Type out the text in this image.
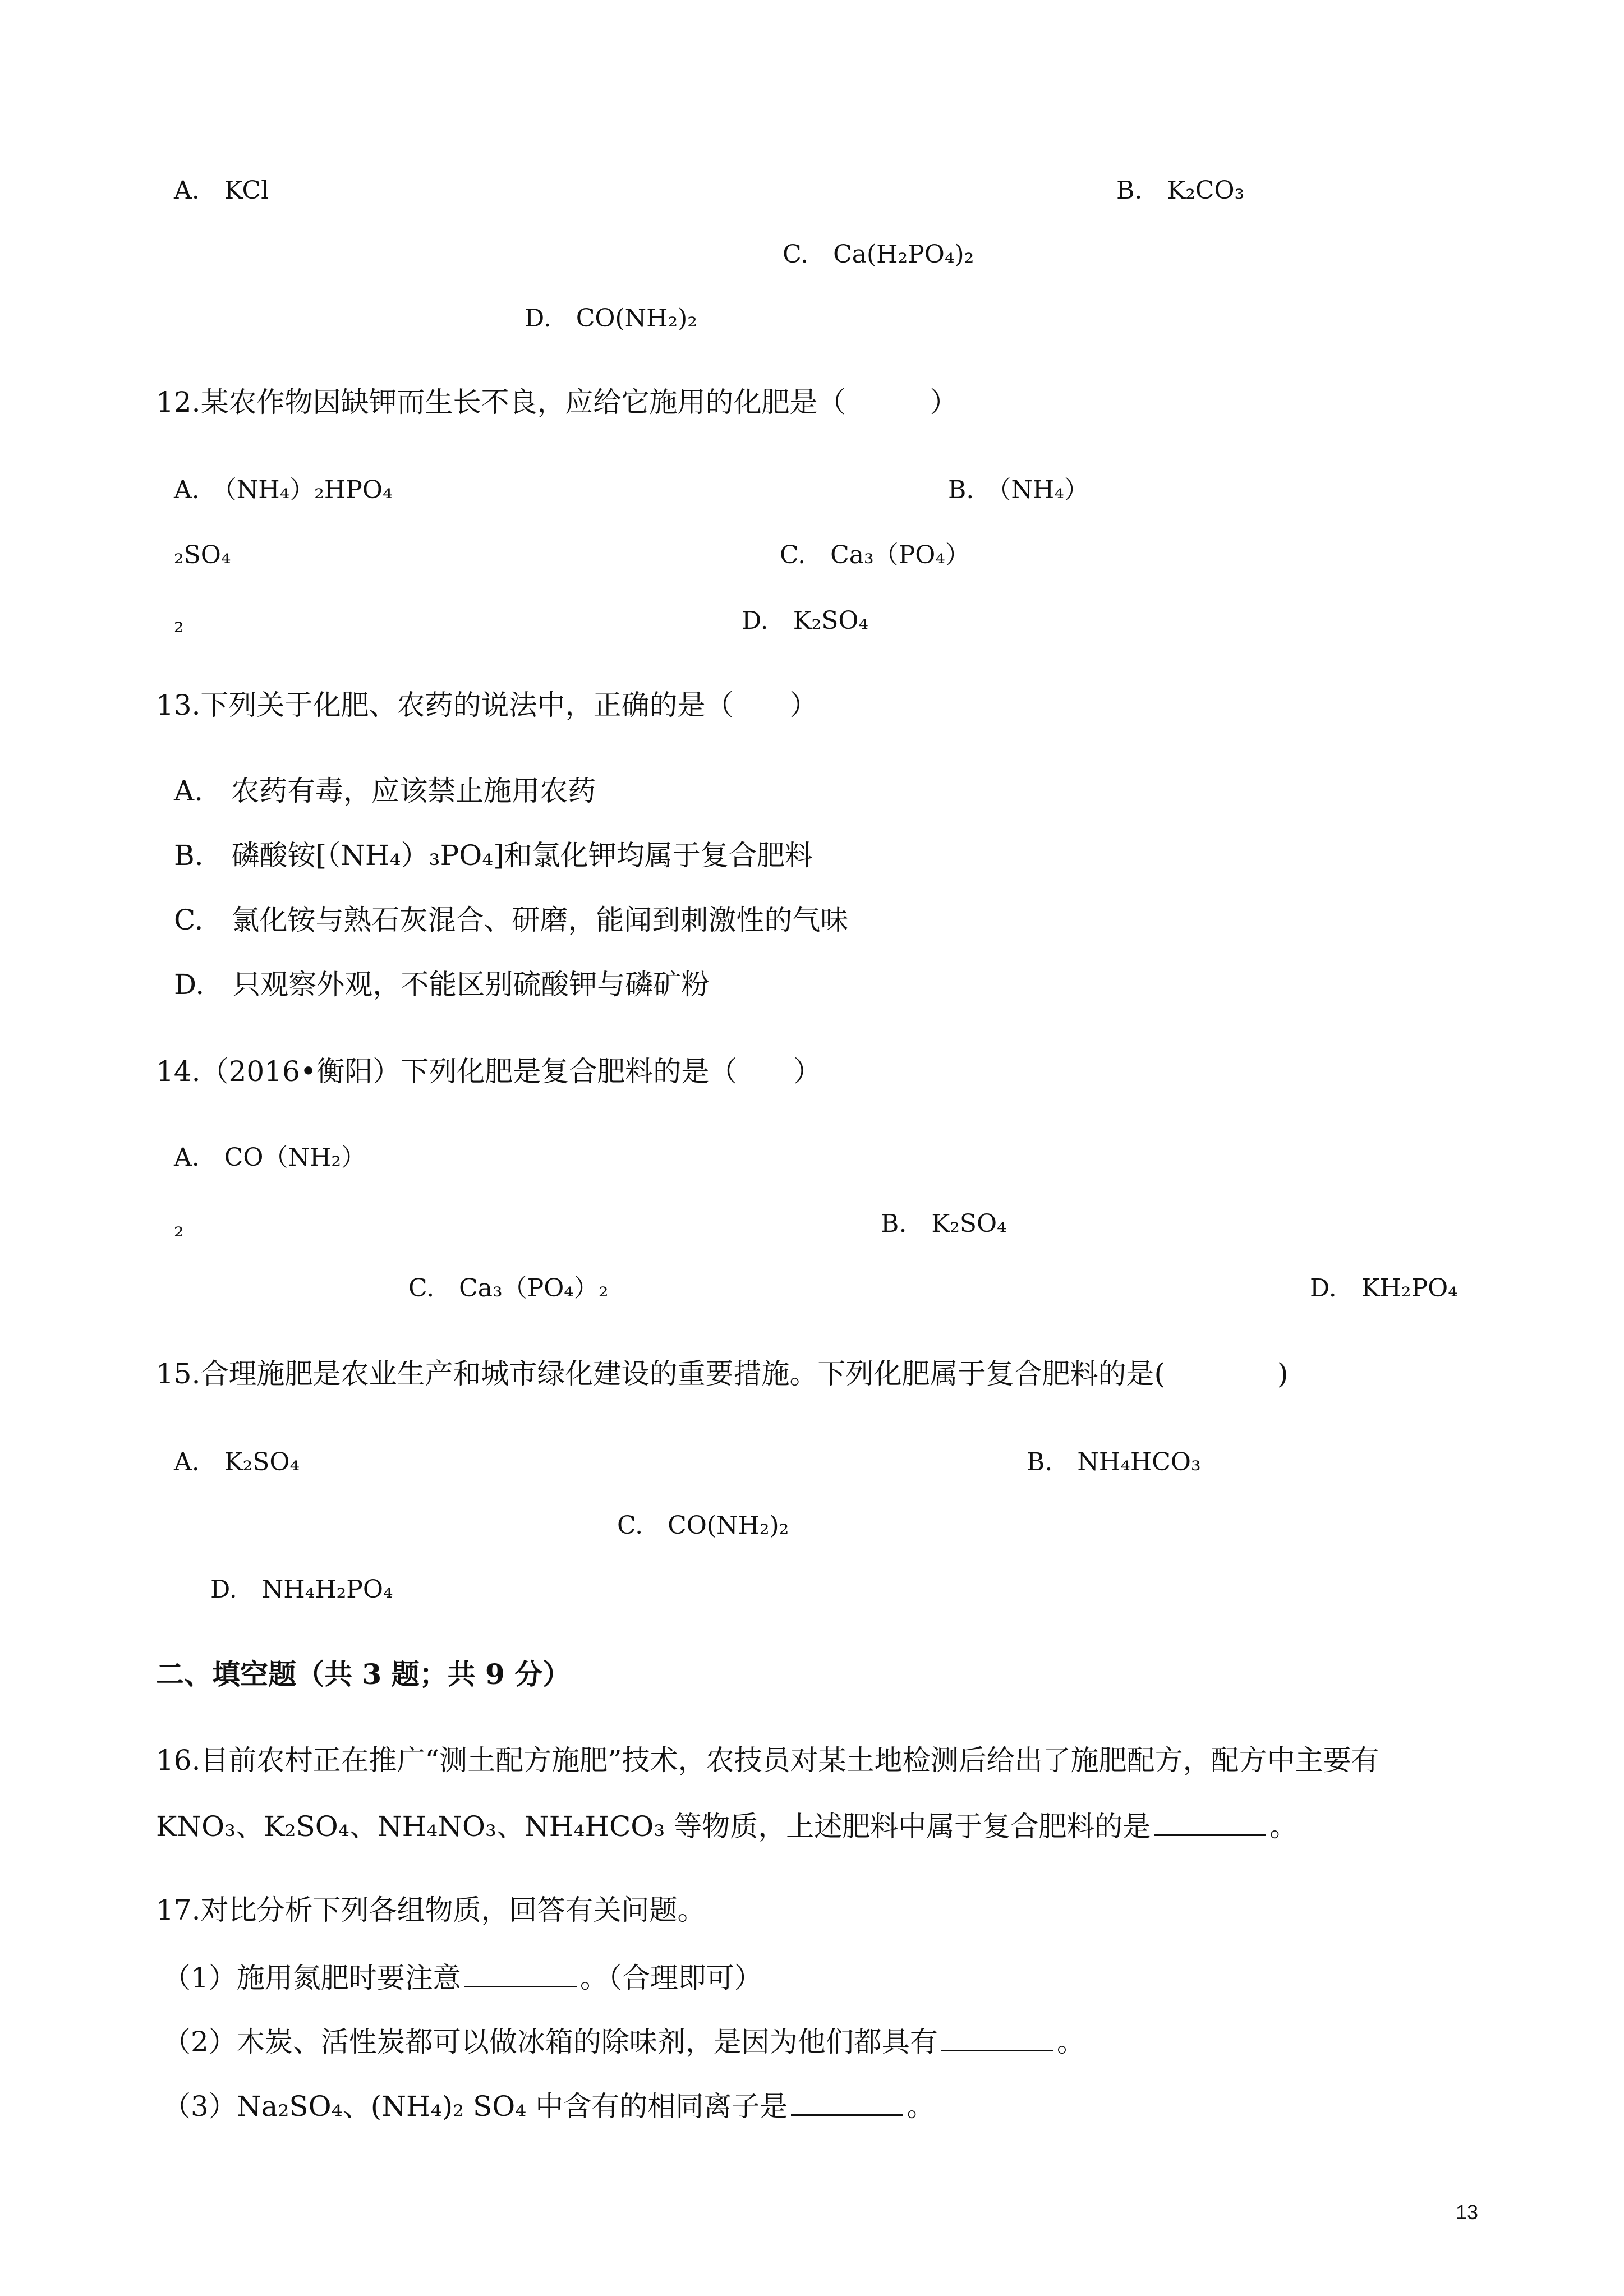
A.　KCl	B.　K₂CO₃
C.　Ca(H₂PO₄)₂
D.　CO(NH₂)₂
12.某农作物因缺钾而生长不良，应给它施用的化肥是（　　　）
A.　（NH₄）₂HPO₄	B.　（NH₄）
₂SO₄	C.　Ca₃（PO₄）
₂	D.　K₂SO₄
13.下列关于化肥、农药的说法中，正确的是（　　）
A.　农药有毒，应该禁止施用农药
B.　磷酸铵[（NH₄）₃PO₄]和氯化钾均属于复合肥料
C.　氯化铵与熟石灰混合、研磨，能闻到刺激性的气味
D.　只观察外观，不能区别硫酸钾与磷矿粉
14.（2016•衡阳）下列化肥是复合肥料的是（　　）
A.　CO（NH₂）
₂	B.　K₂SO₄
C.　Ca₃（PO₄）₂	D.　KH₂PO₄
15.合理施肥是农业生产和城市绿化建设的重要措施。下列化肥属于复合肥料的是(　　　　)
A.　K₂SO₄	B.　NH₄HCO₃
C.　CO(NH₂)₂
D.　NH₄H₂PO₄
二、填空题（共 3 题；共 9 分）
16.目前农村正在推广“测土配方施肥”技术，农技员对某土地检测后给出了施肥配方，配方中主要有
KNO₃、K₂SO₄、NH₄NO₃、NH₄HCO₃ 等物质，上述肥料中属于复合肥料的是	。
17.对比分析下列各组物质，回答有关问题。
（1）施用氮肥时要注意	。（合理即可）
（2）木炭、活性炭都可以做冰箱的除味剂，是因为他们都具有	。
（3）Na₂SO₄、(NH₄)₂ SO₄ 中含有的相同离子是	。
13
